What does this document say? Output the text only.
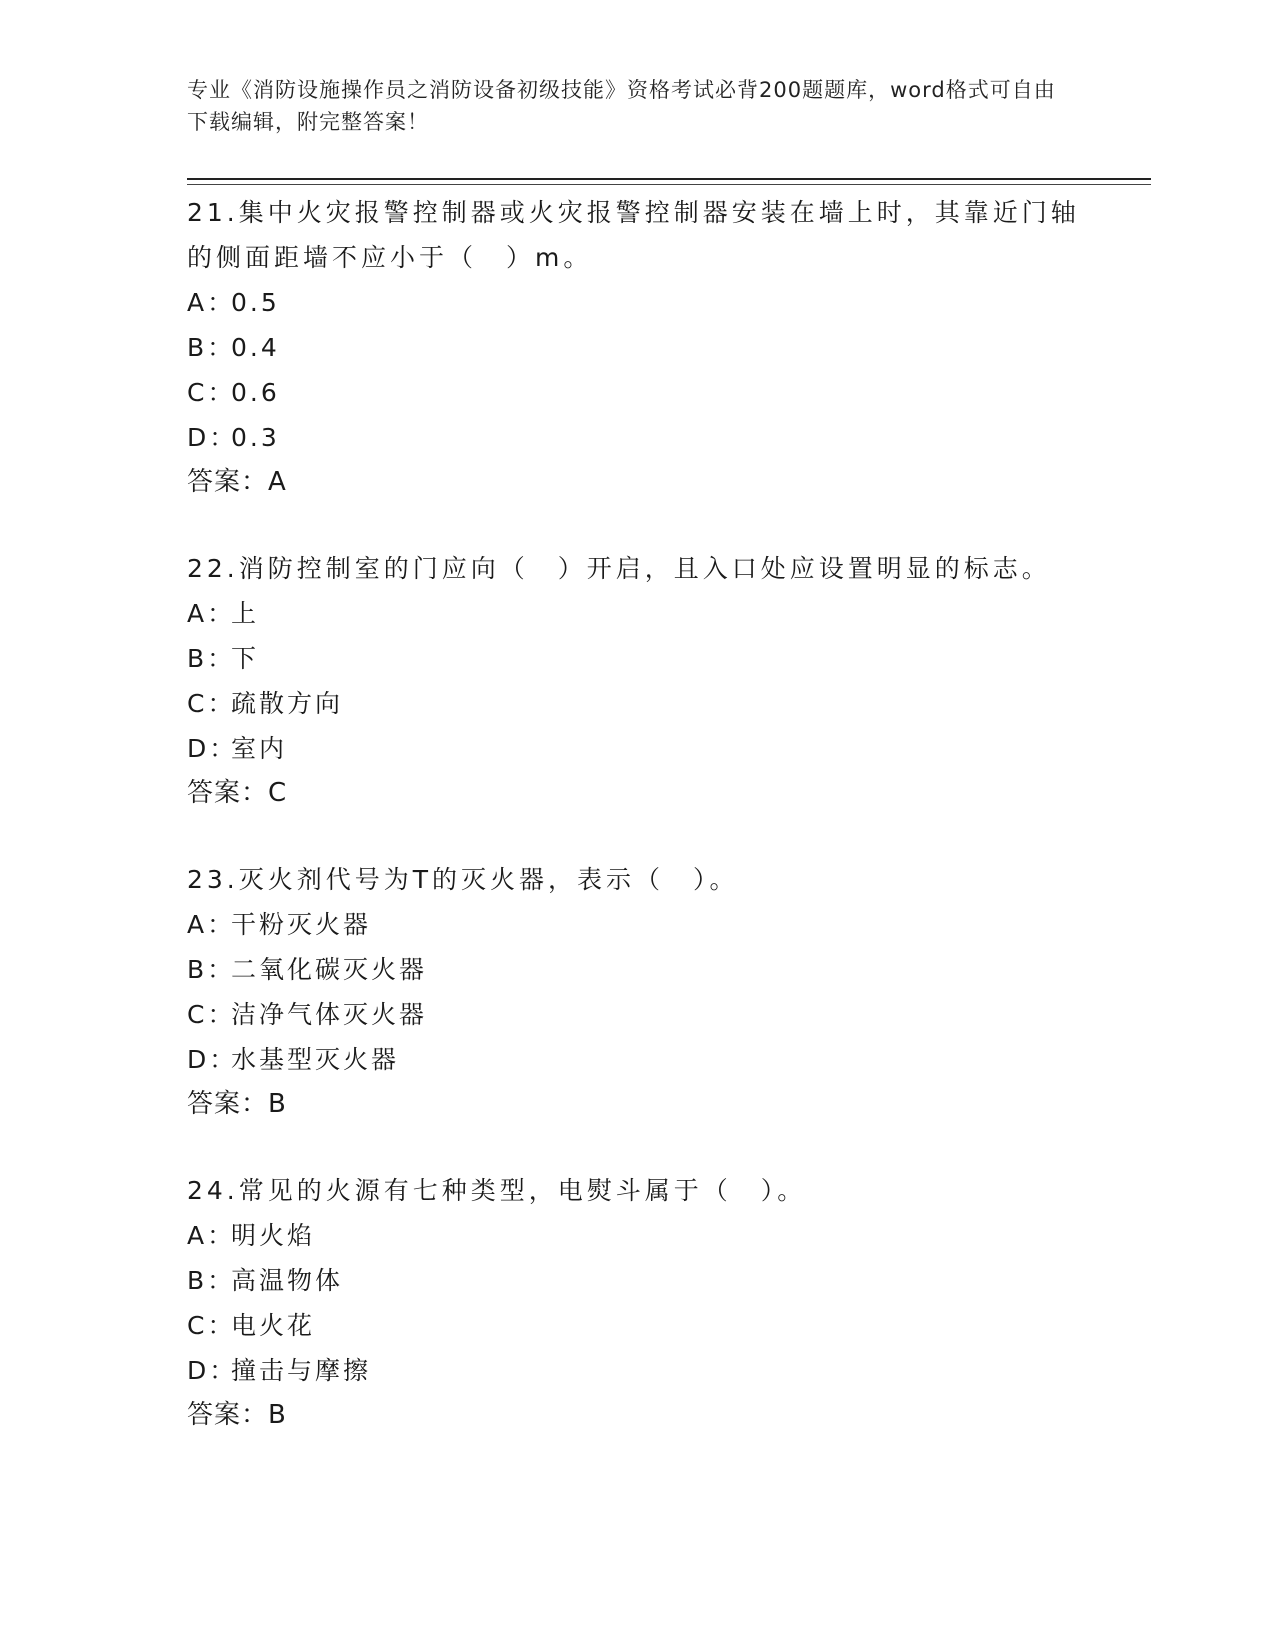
专业《消防设施操作员之消防设备初级技能》资格考试必背200题题库，word格式可自由下载编辑，附完整答案！

21.集中火灾报警控制器或火灾报警控制器安装在墙上时，其靠近门轴的侧面距墙不应小于（　）m。

A：0.5

B：0.4

C：0.6

D：0.3

答案：A

22.消防控制室的门应向（　）开启，且入口处应设置明显的标志。

A：上

B：下

C：疏散方向

D：室内

答案：C

23.灭火剂代号为T的灭火器，表示（　）。

A：干粉灭火器

B：二氧化碳灭火器

C：洁净气体灭火器

D：水基型灭火器

答案：B

24.常见的火源有七种类型，电熨斗属于（　）。

A：明火焰

B：高温物体

C：电火花

D：撞击与摩擦

答案：B
